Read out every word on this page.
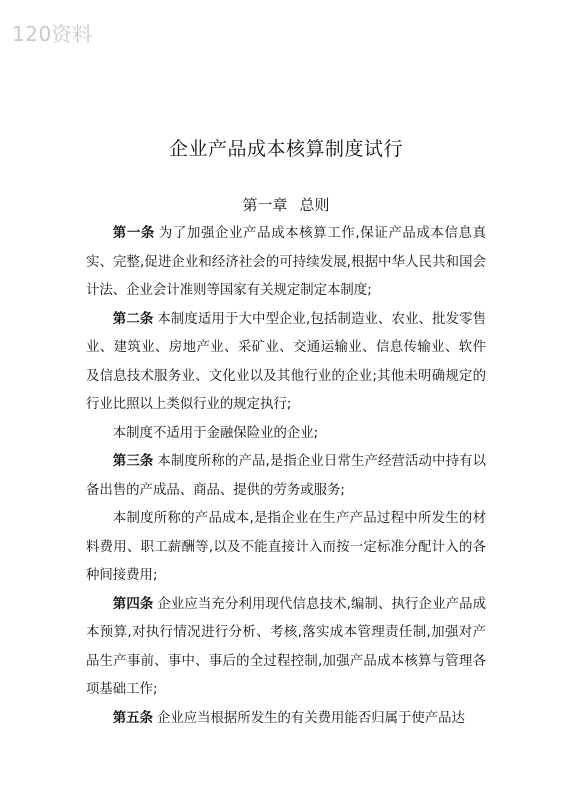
120资料
企业产品成本核算制度试行
第一章 总则

第一条 为了加强企业产品成本核算工作,保证产品成本信息真实、完整,促进企业和经济社会的可持续发展,根据中华人民共和国会计法、企业会计准则等国家有关规定制定本制度;

第二条 本制度适用于大中型企业,包括制造业、农业、批发零售业、建筑业、房地产业、采矿业、交通运输业、信息传输业、软件及信息技术服务业、文化业以及其他行业的企业;其他未明确规定的行业比照以上类似行业的规定执行;

本制度不适用于金融保险业的企业;

第三条 本制度所称的产品,是指企业日常生产经营活动中持有以备出售的产成品、商品、提供的劳务或服务;

本制度所称的产品成本,是指企业在生产产品过程中所发生的材料费用、职工薪酬等,以及不能直接计入而按一定标准分配计入的各种间接费用;

第四条 企业应当充分利用现代信息技术,编制、执行企业产品成本预算,对执行情况进行分析、考核,落实成本管理责任制,加强对产品生产事前、事中、事后的全过程控制,加强产品成本核算与管理各项基础工作;

第五条 企业应当根据所发生的有关费用能否归属于使产品达
